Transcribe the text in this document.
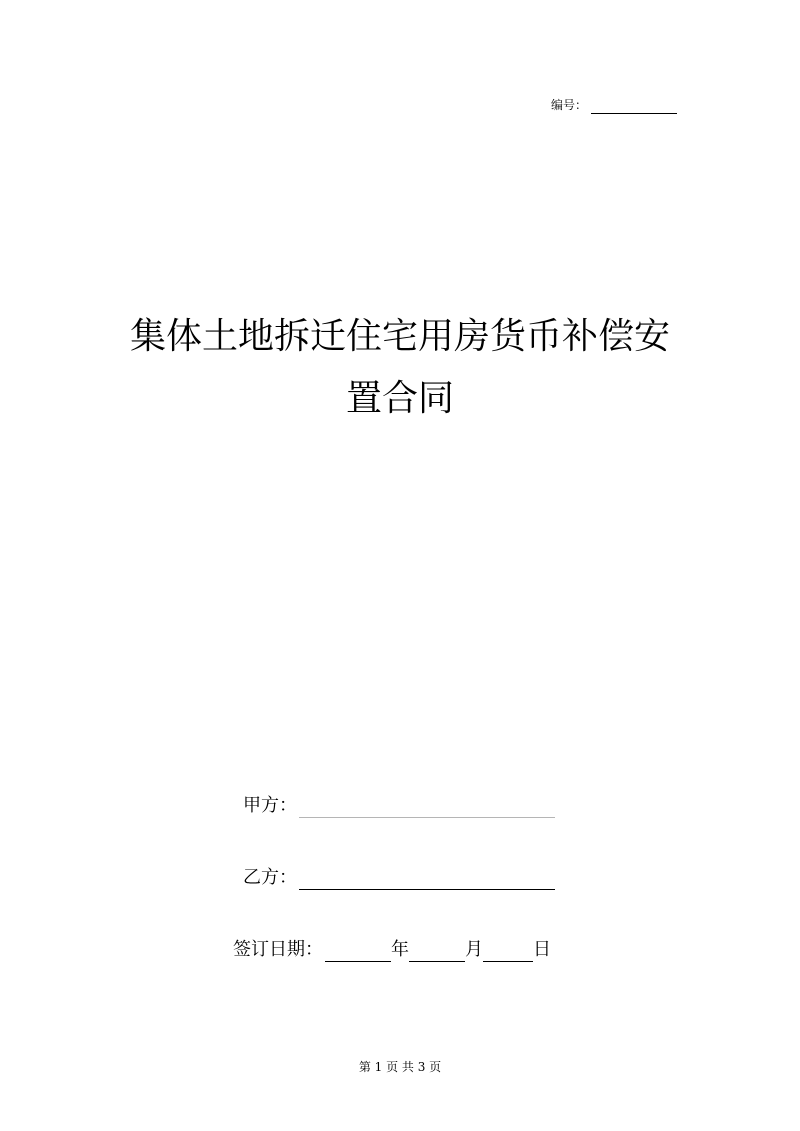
编号：
集体土地拆迁住宅用房货币补偿安
置合同
甲方：
乙方：
签订日期：	年	月	日
第 1 页 共 3 页
